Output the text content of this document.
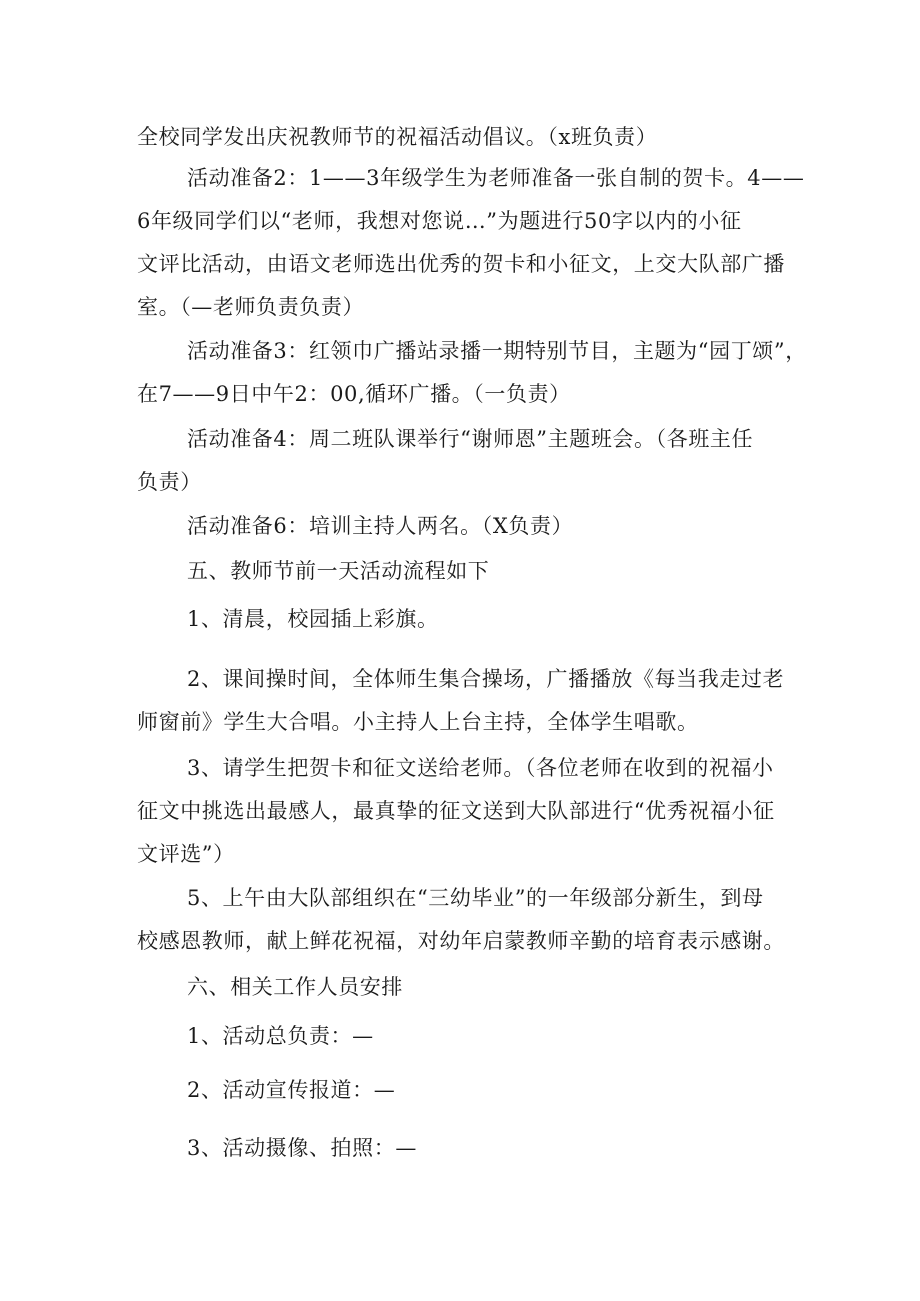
全校同学发出庆祝教师节的祝福活动倡议。（x班负责）

活动准备2：1——3年级学生为老师准备一张自制的贺卡。4——
6年级同学们以“老师，我想对您说…”为题进行50字以内的小征
文评比活动，由语文老师选出优秀的贺卡和小征文，上交大队部广播
室。（—老师负责负责）

活动准备3：红领巾广播站录播一期特别节目，主题为“园丁颂”，
在7——9日中午2：00,循环广播。（一负责）

活动准备4：周二班队课举行“谢师恩”主题班会。（各班主任
负责）

活动准备6：培训主持人两名。（X负责）

五、教师节前一天活动流程如下

1、清晨，校园插上彩旗。

2、课间操时间，全体师生集合操场，广播播放《每当我走过老
师窗前》学生大合唱。小主持人上台主持，全体学生唱歌。

3、请学生把贺卡和征文送给老师。（各位老师在收到的祝福小
征文中挑选出最感人，最真挚的征文送到大队部进行“优秀祝福小征
文评选”）

5、上午由大队部组织在“三幼毕业”的一年级部分新生，到母
校感恩教师，献上鲜花祝福，对幼年启蒙教师辛勤的培育表示感谢。

六、相关工作人员安排

1、活动总负责：—

2、活动宣传报道：—

3、活动摄像、拍照：—
